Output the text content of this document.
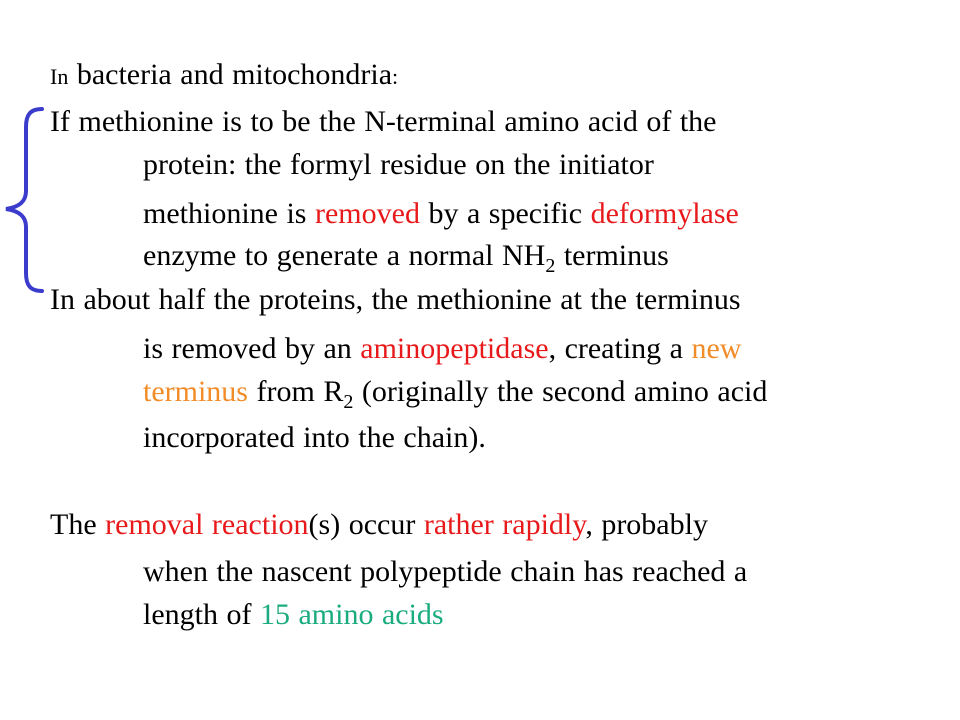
In bacteria and mitochondria:
If methionine is to be the N-terminal amino acid of the
protein: the formyl residue on the initiator
methionine is removed by a specific deformylase
enzyme to generate a normal $NH_2$ terminus
In about half the proteins, the methionine at the terminus
is removed by an aminopeptidase, creating a new
terminus from $R_2$ (originally the second amino acid
incorporated into the chain).
The removal reaction(s) occur rather rapidly, probably
when the nascent polypeptide chain has reached a
length of 15 amino acids
